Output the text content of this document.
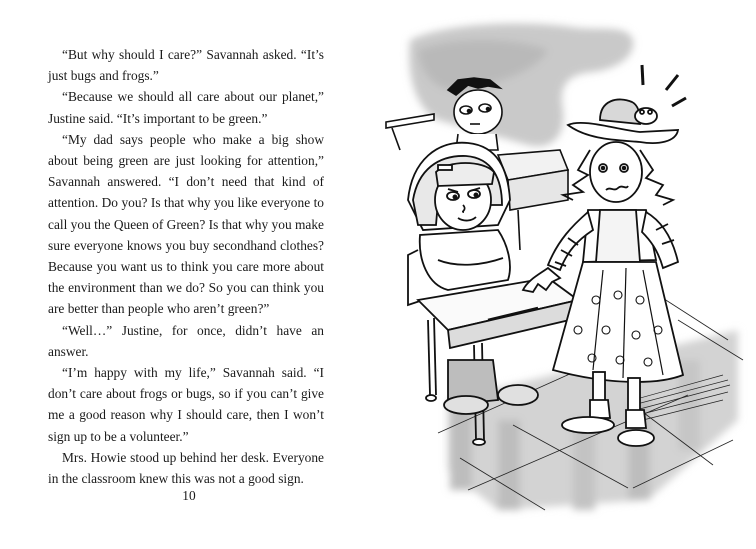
“But why should I care?” Savannah asked. “It’s just bugs and frogs.”

“Because we should all care about our planet,” Justine said. “It’s important to be green.”

“My dad says people who make a big show about being green are just looking for attention,” Savannah answered. “I don’t need that kind of attention. Do you? Is that why you like everyone to call you the Queen of Green? Is that why you make sure everyone knows you buy secondhand clothes? Because you want us to think you care more about the environment than we do? So you can think you are better than people who aren’t green?”

“Well…” Justine, for once, didn’t have an answer.

“I’m happy with my life,” Savannah said. “I don’t care about frogs or bugs, so if you can’t give me a good reason why I should care, then I won’t sign up to be a volunteer.”

Mrs. Howie stood up behind her desk. Everyone in the classroom knew this was not a good sign.

10
